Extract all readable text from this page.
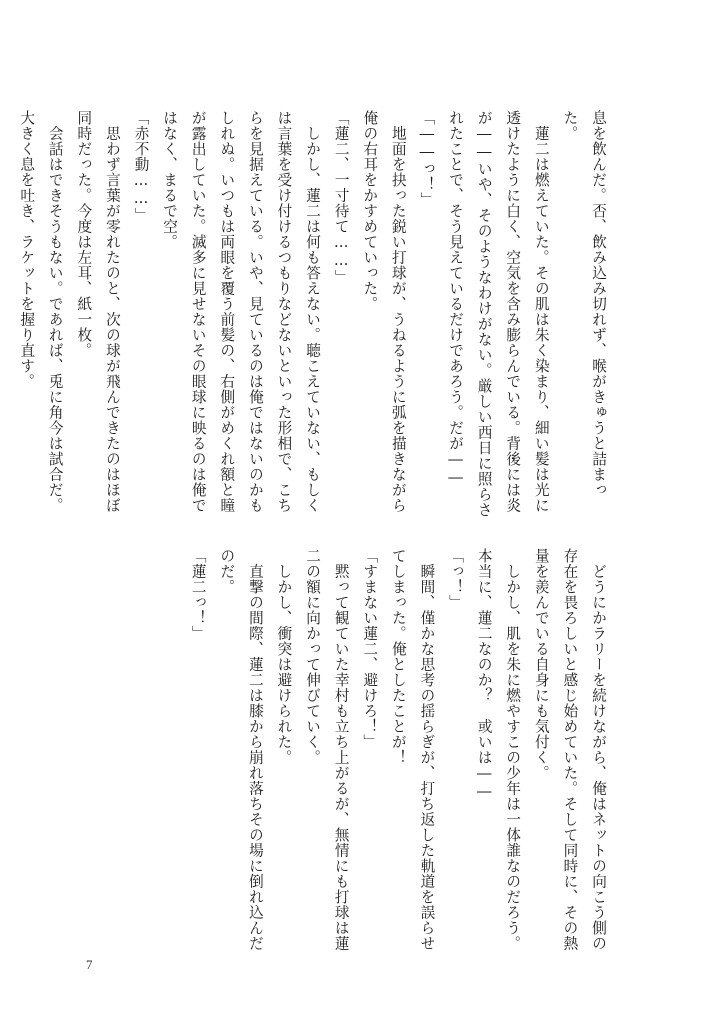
息を飲んだ。否、飲み込み切れず、喉がきゅうと詰まっ

た。

　蓮二は燃えていた。その肌は朱く染まり、細い髪は光に

透けたように白く、空気を含み膨らんでいる。背後には炎

が――いや、そのようなわけがない。厳しい西日に照らさ

れたことで、そう見えているだけであろう。だが――

「――っ！」

　地面を抉った鋭い打球が、うねるように弧を描きながら

俺の右耳をかすめていった。

「蓮二、一寸待て……」

　しかし、蓮二は何も答えない。聴こえていない、もしく

は言葉を受け付けるつもりなどないといった形相で、こち

らを見据えている。いや、見ているのは俺ではないのかも

しれぬ。いつもは両眼を覆う前髪の、右側がめくれ額と瞳

が露出していた。滅多に見せないその眼球に映るのは俺で

はなく、まるで空。

「赤不動……」

　思わず言葉が零れたのと、次の球が飛んできたのはほぼ

同時だった。今度は左耳、紙一枚。

　会話はできそうもない。であれば、兎に角今は試合だ。

大きく息を吐き、ラケットを握り直す。

　どうにかラリーを続けながら、俺はネットの向こう側の

存在を畏ろしいと感じ始めていた。そして同時に、その熱

量を羨んでいる自身にも気付く。

　しかし、肌を朱に燃やすこの少年は一体誰なのだろう。

本当に、蓮二なのか？　或いは――

「っ！」

　瞬間、僅かな思考の揺らぎが、打ち返した軌道を誤らせ

てしまった。俺としたことが！

「すまない蓮二、避けろ！」

　黙って観ていた幸村も立ち上がるが、無情にも打球は蓮

二の額に向かって伸びていく。

　しかし、衝突は避けられた。

　直撃の間際、蓮二は膝から崩れ落ちその場に倒れ込んだ

のだ。

「蓮二っ！」

7
